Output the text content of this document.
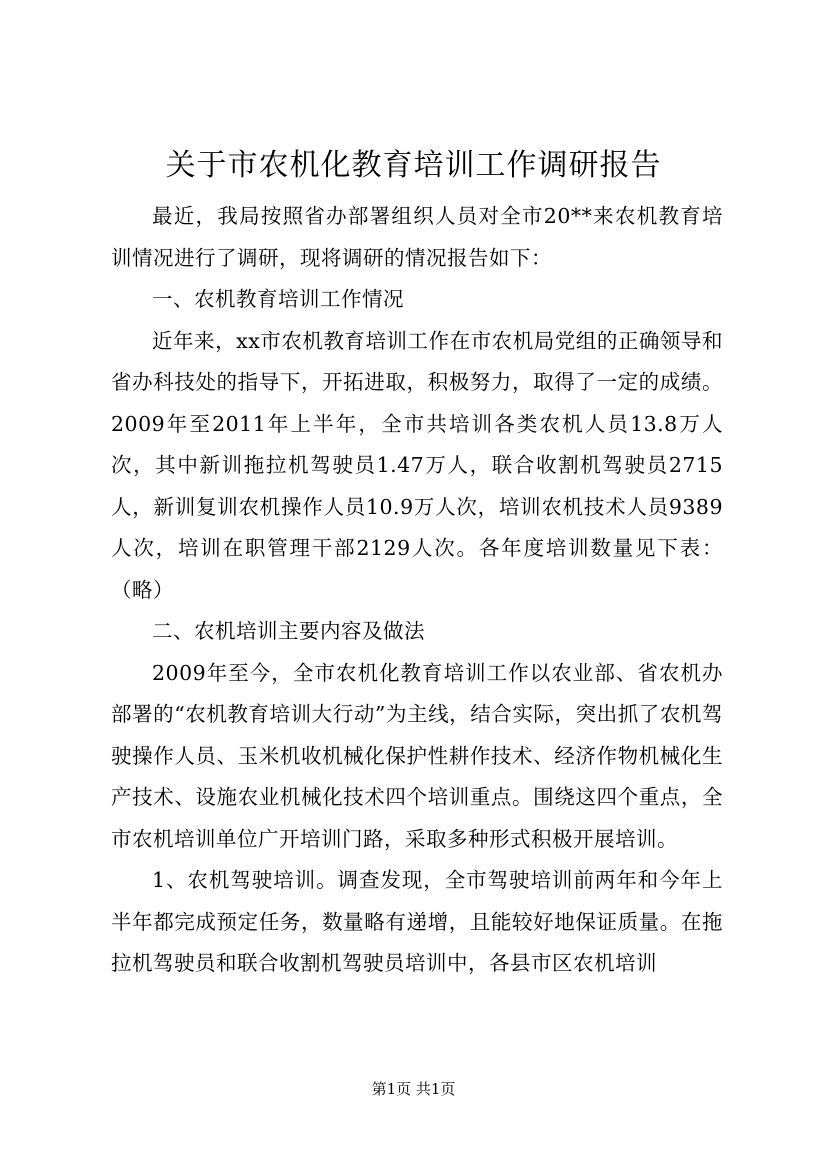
关于市农机化教育培训工作调研报告

最近，我局按照省办部署组织人员对全市20**来农机教育培训情况进行了调研，现将调研的情况报告如下：

一、农机教育培训工作情况

近年来，xx市农机教育培训工作在市农机局党组的正确领导和省办科技处的指导下，开拓进取，积极努力，取得了一定的成绩。2009年至2011年上半年，全市共培训各类农机人员13.8万人次，其中新训拖拉机驾驶员1.47万人，联合收割机驾驶员2715人，新训复训农机操作人员10.9万人次，培训农机技术人员9389人次，培训在职管理干部2129人次。各年度培训数量见下表：（略）

二、农机培训主要内容及做法

2009年至今，全市农机化教育培训工作以农业部、省农机办部署的“农机教育培训大行动”为主线，结合实际，突出抓了农机驾驶操作人员、玉米机收机械化保护性耕作技术、经济作物机械化生产技术、设施农业机械化技术四个培训重点。围绕这四个重点，全市农机培训单位广开培训门路，采取多种形式积极开展培训。

1、农机驾驶培训。调查发现，全市驾驶培训前两年和今年上半年都完成预定任务，数量略有递增，且能较好地保证质量。在拖拉机驾驶员和联合收割机驾驶员培训中，各县市区农机培训

第1页 共1页
